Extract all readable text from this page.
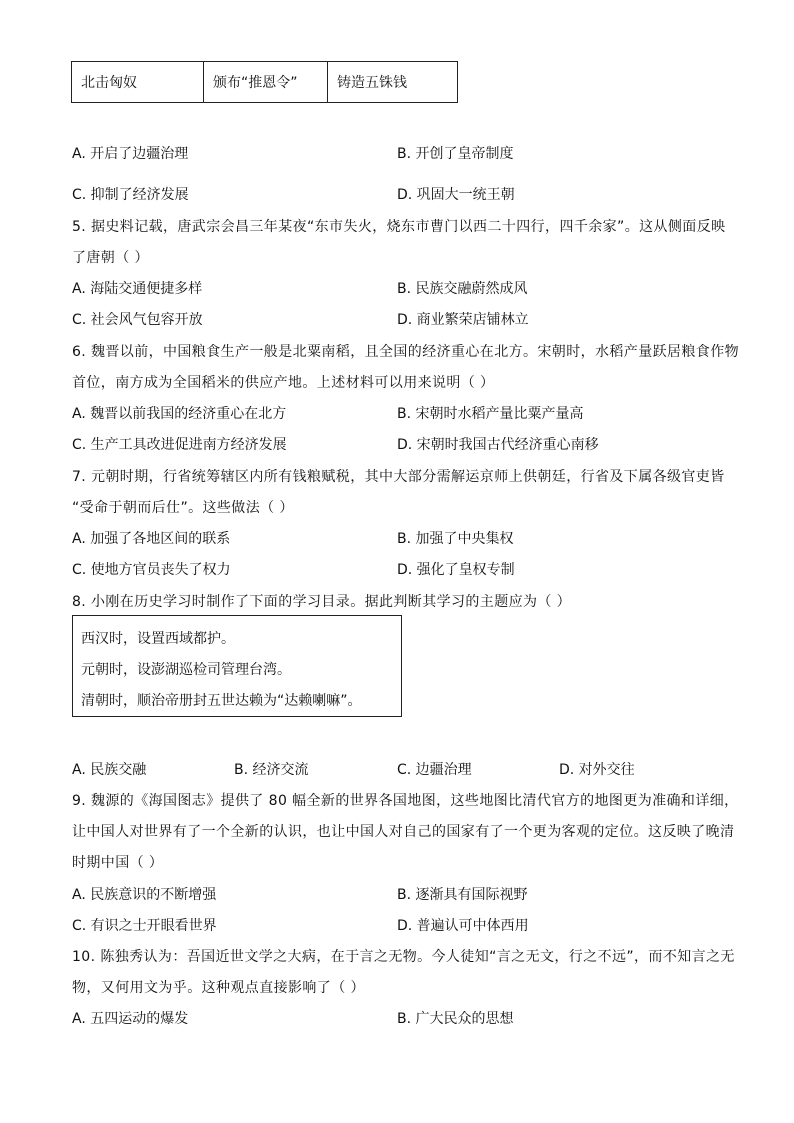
北击匈奴	颁布“推恩令”	铸造五铢钱
A. 开启了边疆治理	B. 开创了皇帝制度
C. 抑制了经济发展	D. 巩固大一统王朝
5. 据史料记载，唐武宗会昌三年某夜“东市失火，烧东市曹门以西二十四行，四千余家”。这从侧面反映
了唐朝（ ）
A. 海陆交通便捷多样	B. 民族交融蔚然成风
C. 社会风气包容开放	D. 商业繁荣店铺林立
6. 魏晋以前，中国粮食生产一般是北粟南稻，且全国的经济重心在北方。宋朝时，水稻产量跃居粮食作物
首位，南方成为全国稻米的供应产地。上述材料可以用来说明（ ）
A. 魏晋以前我国的经济重心在北方	B. 宋朝时水稻产量比粟产量高
C. 生产工具改进促进南方经济发展	D. 宋朝时我国古代经济重心南移
7. 元朝时期，行省统筹辖区内所有钱粮赋税，其中大部分需解运京师上供朝廷，行省及下属各级官吏皆
“受命于朝而后仕”。这些做法（ ）
A. 加强了各地区间的联系	B. 加强了中央集权
C. 使地方官员丧失了权力	D. 强化了皇权专制
8. 小刚在历史学习时制作了下面的学习目录。据此判断其学习的主题应为（ ）
西汉时，设置西域都护。
元朝时，设澎湖巡检司管理台湾。
清朝时，顺治帝册封五世达赖为“达赖喇嘛”。
A. 民族交融	B. 经济交流	C. 边疆治理	D. 对外交往
9. 魏源的《海国图志》提供了 80 幅全新的世界各国地图，这些地图比清代官方的地图更为准确和详细，
让中国人对世界有了一个全新的认识，也让中国人对自己的国家有了一个更为客观的定位。这反映了晚清
时期中国（ ）
A. 民族意识的不断增强	B. 逐渐具有国际视野
C. 有识之士开眼看世界	D. 普遍认可中体西用
10. 陈独秀认为：吾国近世文学之大病，在于言之无物。今人徒知“言之无文，行之不远”，而不知言之无
物，又何用文为乎。这种观点直接影响了（ ）
A. 五四运动的爆发	B. 广大民众的思想
